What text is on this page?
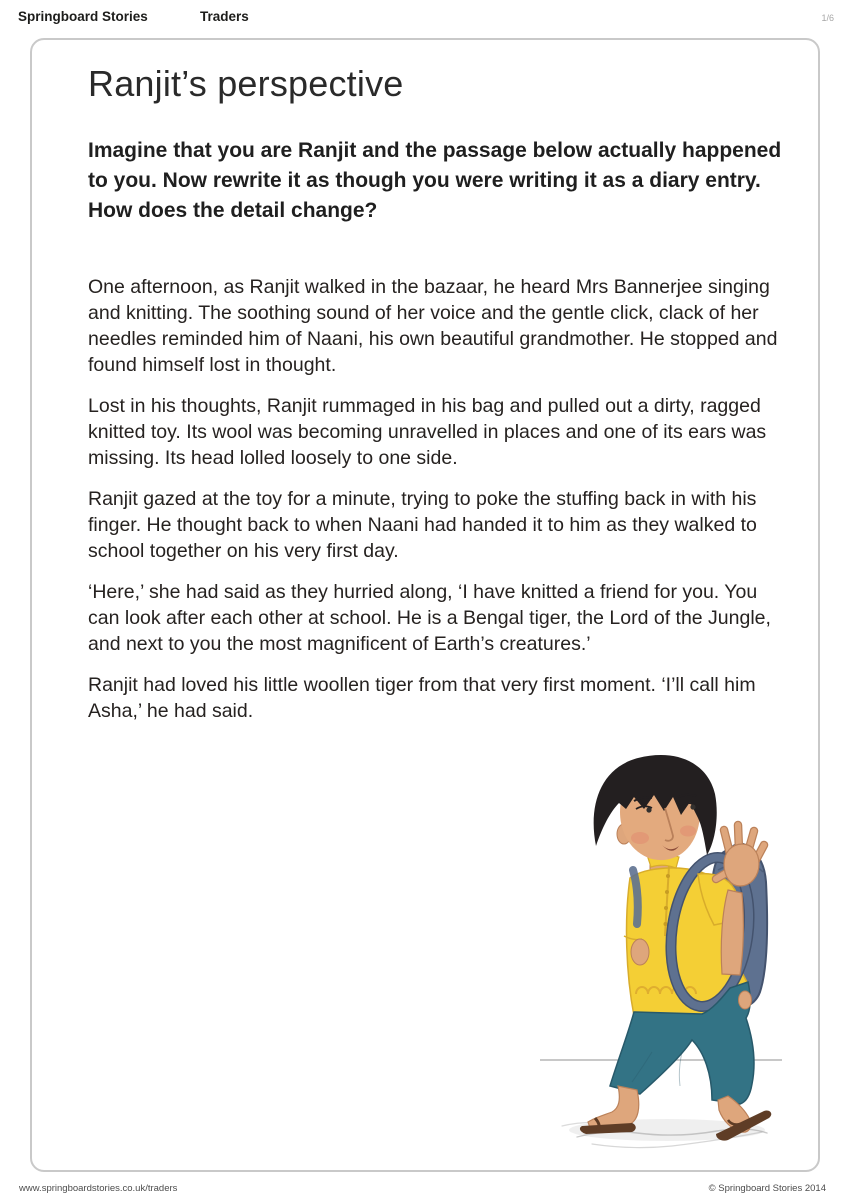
Springboard Stories	Traders	1/6
Ranjit’s perspective

Imagine that you are Ranjit and the passage below actually happened to you. Now rewrite it as though you were writing it as a diary entry. How does the detail change?

One afternoon, as Ranjit walked in the bazaar, he heard Mrs Bannerjee singing and knitting. The soothing sound of her voice and the gentle click, clack of her needles reminded him of Naani, his own beautiful grandmother. He stopped and found himself lost in thought.

Lost in his thoughts, Ranjit rummaged in his bag and pulled out a dirty, ragged knitted toy. Its wool was becoming unravelled in places and one of its ears was missing. Its head lolled loosely to one side.

Ranjit gazed at the toy for a minute, trying to poke the stuffing back in with his finger. He thought back to when Naani had handed it to him as they walked to school together on his very first day.

‘Here,’ she had said as they hurried along, ‘I have knitted a friend for you. You can look after each other at school. He is a Bengal tiger, the Lord of the Jungle, and next to you the most magnificent of Earth’s creatures.’

Ranjit had loved his little woollen tiger from that very first moment. ‘I’ll call him Asha,’ he had said.

www.springboardstories.co.uk/traders	© Springboard Stories 2014
